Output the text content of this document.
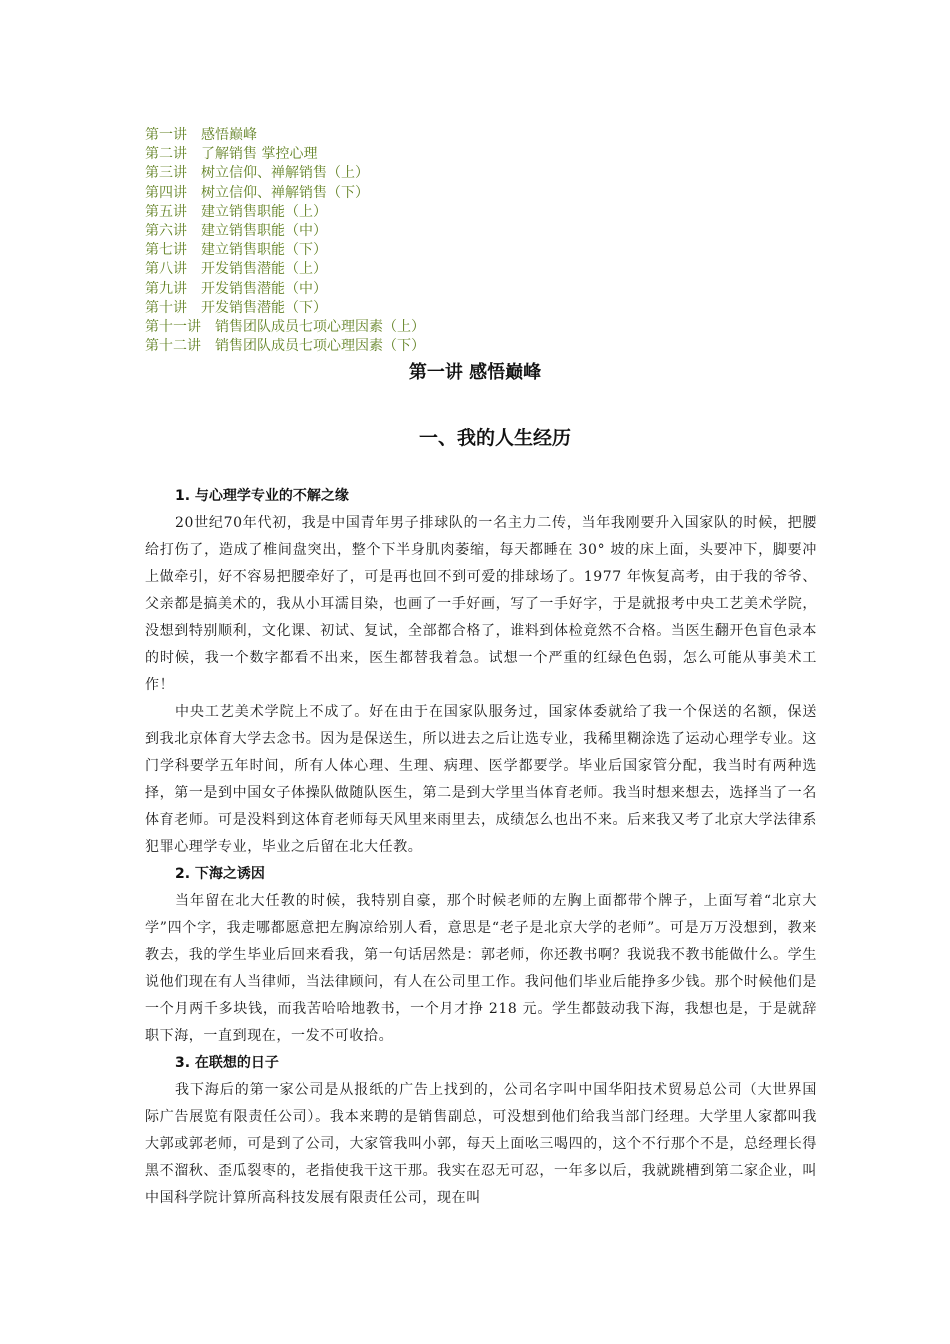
第一讲 感悟巅峰
第二讲 了解销售 掌控心理
第三讲 树立信仰、禅解销售（上）
第四讲 树立信仰、禅解销售（下）
第五讲 建立销售职能（上）
第六讲 建立销售职能（中）
第七讲 建立销售职能（下）
第八讲 开发销售潜能（上）
第九讲 开发销售潜能（中）
第十讲 开发销售潜能（下）
第十一讲 销售团队成员七项心理因素（上）
第十二讲 销售团队成员七项心理因素（下）
第一讲 感悟巅峰
一、我的人生经历
1. 与心理学专业的不解之缘

20世纪70年代初，我是中国青年男子排球队的一名主力二传，当年我刚要升入国家队的时候，把腰给打伤了，造成了椎间盘突出，整个下半身肌肉萎缩，每天都睡在 30° 坡的床上面，头要冲下，脚要冲上做牵引，好不容易把腰牵好了，可是再也回不到可爱的排球场了。1977 年恢复高考，由于我的爷爷、父亲都是搞美术的，我从小耳濡目染，也画了一手好画，写了一手好字，于是就报考中央工艺美术学院，没想到特别顺利，文化课、初试、复试，全部都合格了，谁料到体检竟然不合格。当医生翻开色盲色录本的时候，我一个数字都看不出来，医生都替我着急。试想一个严重的红绿色色弱，怎么可能从事美术工作！

中央工艺美术学院上不成了。好在由于在国家队服务过，国家体委就给了我一个保送的名额，保送到我北京体育大学去念书。因为是保送生，所以进去之后让选专业，我稀里糊涂选了运动心理学专业。这门学科要学五年时间，所有人体心理、生理、病理、医学都要学。毕业后国家管分配，我当时有两种选择，第一是到中国女子体操队做随队医生，第二是到大学里当体育老师。我当时想来想去，选择当了一名体育老师。可是没料到这体育老师每天风里来雨里去，成绩怎么也出不来。后来我又考了北京大学法律系犯罪心理学专业，毕业之后留在北大任教。

2. 下海之诱因

当年留在北大任教的时候，我特别自豪，那个时候老师的左胸上面都带个牌子，上面写着“北京大学”四个字，我走哪都愿意把左胸凉给别人看，意思是“老子是北京大学的老师”。可是万万没想到，教来教去，我的学生毕业后回来看我，第一句话居然是：郭老师，你还教书啊？我说我不教书能做什么。学生说他们现在有人当律师，当法律顾问，有人在公司里工作。我问他们毕业后能挣多少钱。那个时候他们是一个月两千多块钱，而我苦哈哈地教书，一个月才挣 218 元。学生都鼓动我下海，我想也是，于是就辞职下海，一直到现在，一发不可收拾。

3. 在联想的日子

我下海后的第一家公司是从报纸的广告上找到的，公司名字叫中国华阳技术贸易总公司（大世界国际广告展览有限责任公司）。我本来聘的是销售副总，可没想到他们给我当部门经理。大学里人家都叫我大郭或郭老师，可是到了公司，大家管我叫小郭，每天上面吆三喝四的，这个不行那个不是，总经理长得黑不溜秋、歪瓜裂枣的，老指使我干这干那。我实在忍无可忍，一年多以后，我就跳槽到第二家企业，叫中国科学院计算所高科技发展有限责任公司，现在叫
